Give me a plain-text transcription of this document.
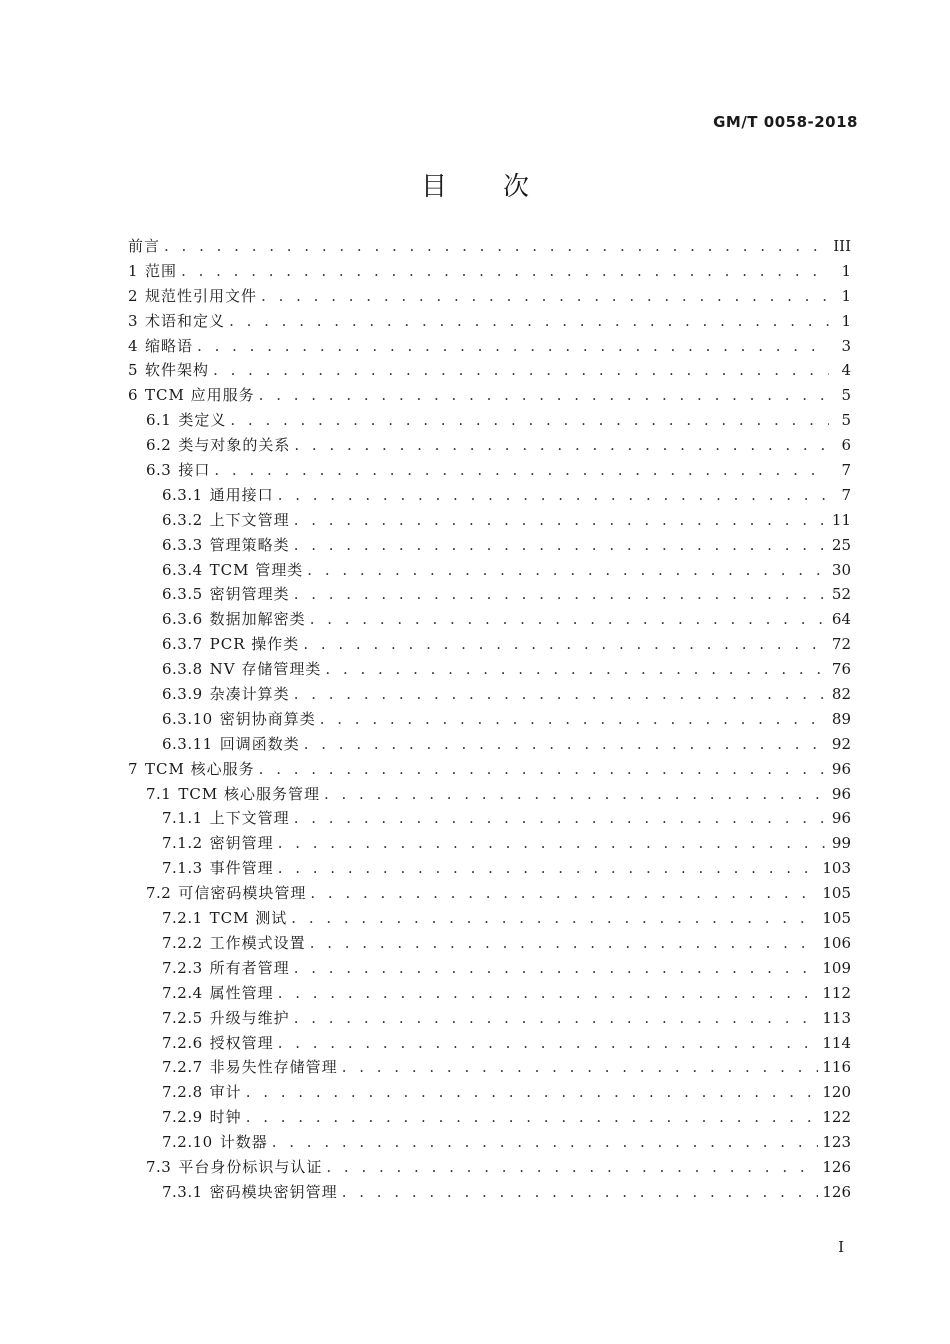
GM/T 0058-2018
目次
前言 . . .	III
1 范围 . . .	1
2 规范性引用文件 . . .	1
3 术语和定义 . . .	1
4 缩略语 . . .	3
5 软件架构 . . .	4
6 TCM 应用服务 . . .	5
6.1 类定义 . . .	5
6.2 类与对象的关系 . . .	6
6.3 接口 . . .	7
6.3.1 通用接口 . . .	7
6.3.2 上下文管理 . . .	11
6.3.3 管理策略类 . . .	25
6.3.4 TCM 管理类 . . .	30
6.3.5 密钥管理类 . . .	52
6.3.6 数据加解密类 . . .	64
6.3.7 PCR 操作类 . . .	72
6.3.8 NV 存储管理类 . . .	76
6.3.9 杂凑计算类 . . .	82
6.3.10 密钥协商算类 . . .	89
6.3.11 回调函数类 . . .	92
7 TCM 核心服务 . . .	96
7.1 TCM 核心服务管理 . . .	96
7.1.1 上下文管理 . . .	96
7.1.2 密钥管理 . . .	99
7.1.3 事件管理 . . .	103
7.2 可信密码模块管理 . . .	105
7.2.1 TCM 测试 . . .	105
7.2.2 工作模式设置 . . .	106
7.2.3 所有者管理 . . .	109
7.2.4 属性管理 . . .	112
7.2.5 升级与维护 . . .	113
7.2.6 授权管理 . . .	114
7.2.7 非易失性存储管理 . . .	116
7.2.8 审计 . . .	120
7.2.9 时钟 . . .	122
7.2.10 计数器 . . .	123
7.3 平台身份标识与认证 . . .	126
7.3.1 密码模块密钥管理 . . .	126
I
